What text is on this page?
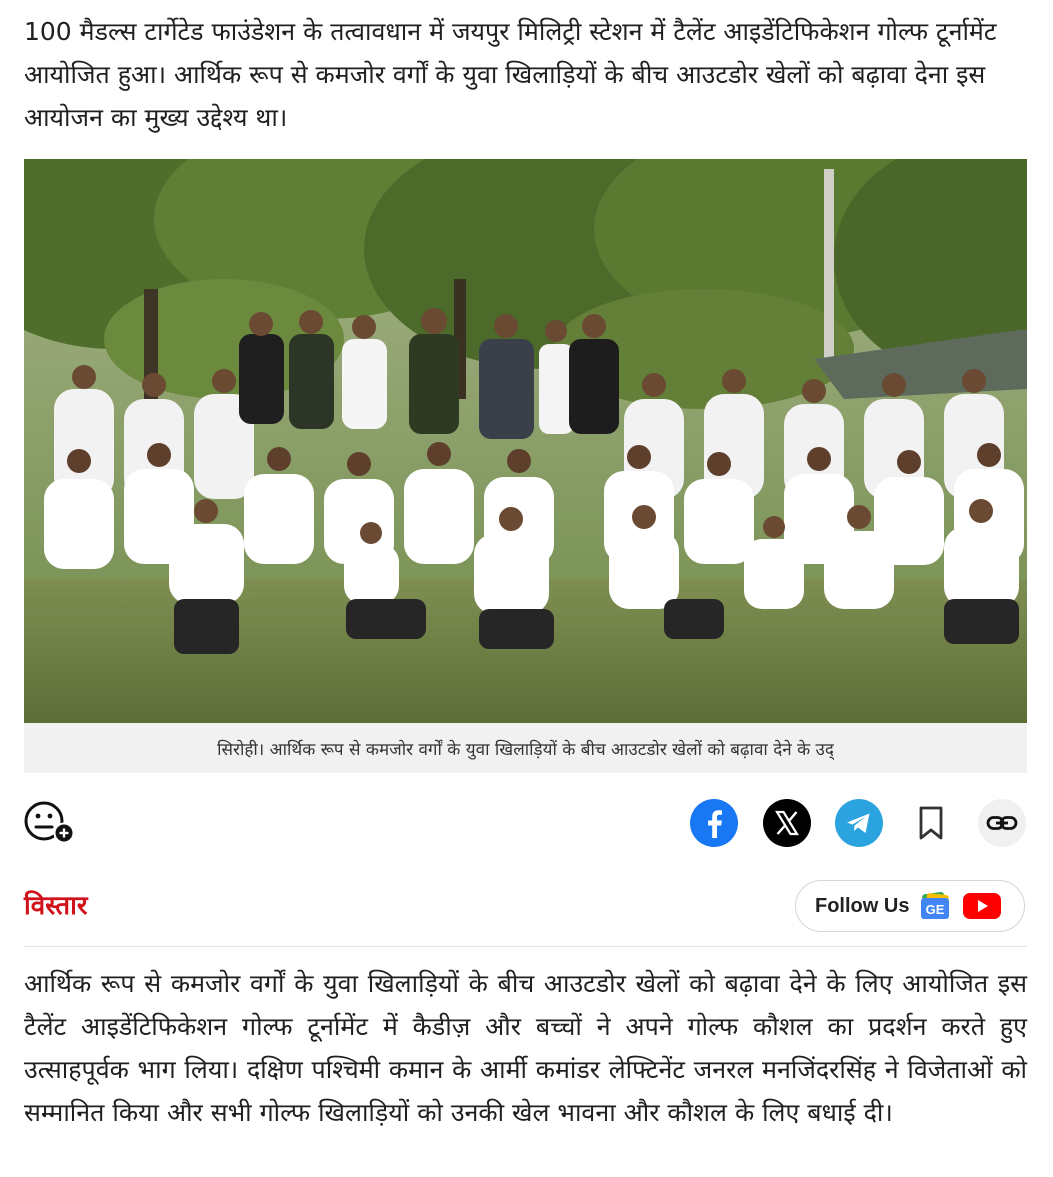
100 मैडल्स टार्गेटेड फाउंडेशन के तत्वावधान में जयपुर मिलिट्री स्टेशन में टैलेंट आइडेंटिफिकेशन गोल्फ टूर्नामेंट आयोजित हुआ। आर्थिक रूप से कमजोर वर्गों के युवा खिलाड़ियों के बीच आउटडोर खेलों को बढ़ावा देना इस आयोजन का मुख्य उद्देश्य था।

सिरोही। आर्थिक रूप से कमजोर वर्गों के युवा खिलाड़ियों के बीच आउटडोर खेलों को बढ़ावा देने के उद्
विस्तार	Follow Us GE

आर्थिक रूप से कमजोर वर्गों के युवा खिलाड़ियों के बीच आउटडोर खेलों को बढ़ावा देने के लिए आयोजित इस टैलेंट आइडेंटिफिकेशन गोल्फ टूर्नामेंट में कैडीज़ और बच्चों ने अपने गोल्फ कौशल का प्रदर्शन करते हुए उत्साहपूर्वक भाग लिया। दक्षिण पश्चिमी कमान के आर्मी कमांडर लेफ्टिनेंट जनरल मनजिंदरसिंह ने विजेताओं को सम्मानित किया और सभी गोल्फ खिलाड़ियों को उनकी खेल भावना और कौशल के लिए बधाई दी।
